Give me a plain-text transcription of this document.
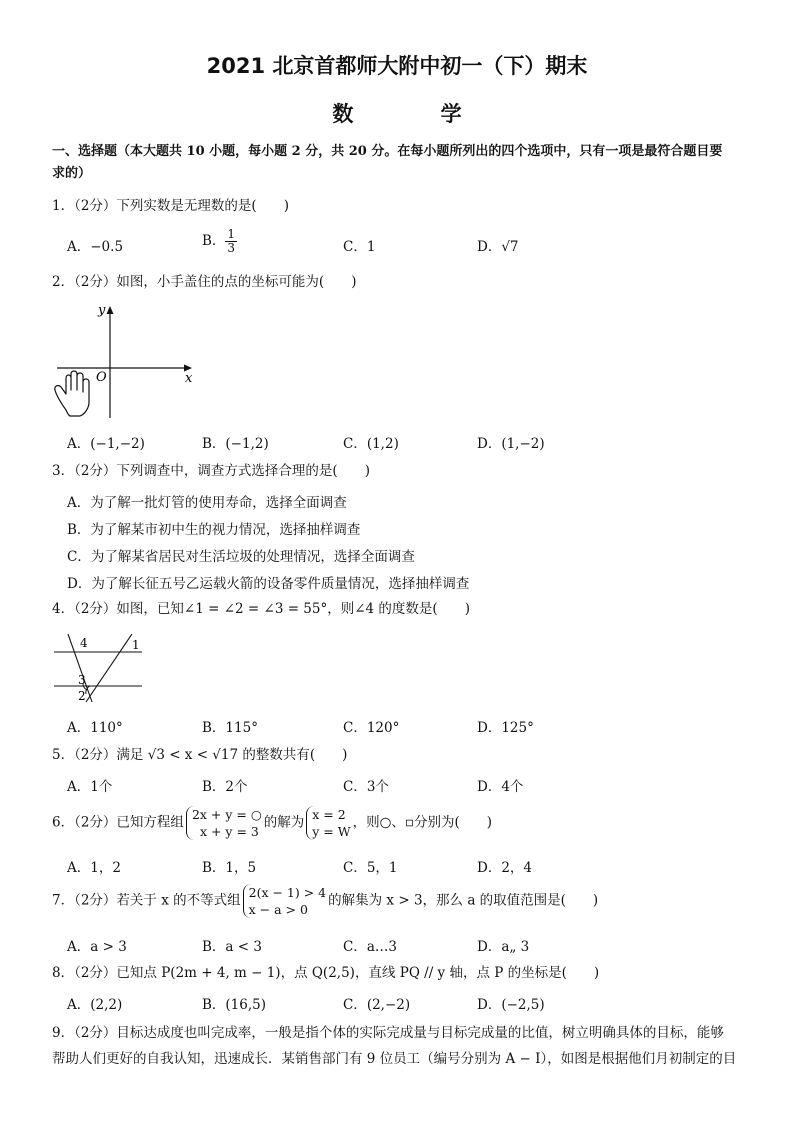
2021 北京首都师大附中初一（下）期末
数 学
一、选择题（本大题共 10 小题，每小题 2 分，共 20 分。在每小题所列出的四个选项中，只有一项是最符合题目要
求的）
1．（2分）下列实数是无理数的是(　　)
A．−0.5	B． $\frac{1}{3}$	C．1	D．√7
2．（2分）如图，小手盖住的点的坐标可能为(　　)
y
x
O
A．(−1,−2)	B．(−1,2)	C．(1,2)	D．(1,−2)
3．（2分）下列调查中，调查方式选择合理的是(　　)
A．为了解一批灯管的使用寿命，选择全面调查
B．为了解某市初中生的视力情况，选择抽样调查
C．为了解某省居民对生活垃圾的处理情况，选择全面调查
D．为了解长征五号乙运载火箭的设备零件质量情况，选择抽样调查
4．（2分）如图，已知∠1 = ∠2 = ∠3 = 55°，则∠4 的度数是(　　)
4	1
3
2
A．110°	B．115°	C．120°	D．125°
5．（2分）满足 √3 < x < √17 的整数共有(　　)
A．1个	B．2个	C．3个	D．4个
6．（2分）已知方程组 2x + y = ○
x + y = 3
的解为 x = 2
y = W
，则○、▫分别为(　　)
A．1，2	B．1，5	C．5，1	D．2，4
7．（2分）若关于 x 的不等式组 2(x − 1) > 4
x − a > 0
的解集为 x > 3，那么 a 的取值范围是(　　)
A．a > 3	B．a < 3	C．a…3	D．a„ 3
8．（2分）已知点 P(2m + 4, m − 1)，点 Q(2,5)，直线 PQ // y 轴，点 P 的坐标是(　　)
A．(2,2)	B．(16,5)	C．(2,−2)	D．(−2,5)
9．（2分）目标达成度也叫完成率，一般是指个体的实际完成量与目标完成量的比值，树立明确具体的目标，能够
帮助人们更好的自我认知，迅速成长．某销售部门有 9 位员工（编号分别为 A − I），如图是根据他们月初制定的目
